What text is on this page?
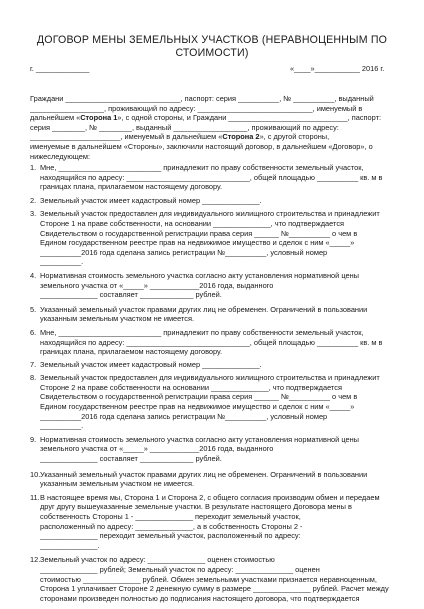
ДОГОВОР МЕНЫ ЗЕМЕЛЬНЫХ УЧАСТКОВ (НЕРАВНОЦЕННЫМ ПО СТОИМОСТИ)
г. _____________	«____»___________ 2016 г.
Граждани ____________________________, паспорт: серия __________, № __________, выданный
__________________, проживающий по адресу: ____________________________, именуемый в
дальнейшем «Сторона 1», с одной стороны, и Граждани _____________________________, паспорт:
серия ________, № ________, выданный __________________, проживающий по адресу:
______________________, именуемый в дальнейшем «Сторона 2», с другой стороны,
именуемые в дальнейшем «Стороны», заключили настоящий договор, в дальнейшем «Договор», о
нижеследующем:
1. Мне, _________________________ принадлежит по праву собственности земельный участок,
находящийся по адресу: ______________________________, общей площадью __________ кв. м в
границах плана, прилагаемом настоящему договору.
2. Земельный участок имеет кадастровый номер ______________.
3. Земельный участок предоставлен для индивидуального жилищного строительства и принадлежит
Стороне 1 на праве собственности, на основании ______________, что подтверждается
Свидетельством о государственной регистрации права серия ______ №__________ о чем в
Едином государственном реестре прав на недвижимое имущество и сделок с ним «_____»
__________2016 года сделана запись регистрации №__________, условный номер
__________.
4. Нормативная стоимость земельного участка согласно акту установления нормативной цены
земельного участка от «_____» ____________2016 года, выданного
______________ составляет _____________ рублей.
5. Указанный земельный участок правами других лиц не обременен. Ограничений в пользовании
указанным земельным участком не имеется.
6. Мне, _________________________ принадлежит по праву собственности земельный участок,
находящийся по адресу: ______________________________, общей площадью __________ кв. м в
границах плана, прилагаемом настоящему договору.
7. Земельный участок имеет кадастровый номер ______________.
8. Земельный участок предоставлен для индивидуального жилищного строительства и принадлежит
Стороне 2 на праве собственности на основании ______________, что подтверждается
Свидетельством о государственной регистрации права серия ______ №__________ о чем в
Едином государственном реестре прав на недвижимое имущество и сделок с ним «_____»
__________2016 года сделана запись регистрации №__________, условный номер
__________.
9. Нормативная стоимость земельного участка согласно акту установления нормативной цены
земельного участка от «_____» ____________2016 года, выданного
______________ составляет _____________ рублей.
10. Указанный земельный участок правами других лиц не обременен. Ограничений в пользовании
указанным земельным участком не имеется.
11. В настоящее время мы, Сторона 1 и Сторона 2, с общего согласия производим обмен и передаем
друг другу вышеуказанные земельные участки. В результате настоящего Договора мены в
собственность Стороны 1 - ______________ переходит земельный участок,
расположенный по адресу: ______________, а в собственность Стороны 2 -
______________ переходит земельный участок, расположенный по адресу:
______________.
12. Земельный участок по адресу: ______________ оценен стоимостью
______________ рублей; Земельный участок по адресу: ______________ оценен
стоимостью ______________ рублей. Обмен земельными участками признается неравноценным,
Сторона 1 уплачивает Стороне 2 денежную сумму в размере ______________ рублей. Расчет между
сторонами произведен полностью до подписания настоящего договора, что подтверждается
